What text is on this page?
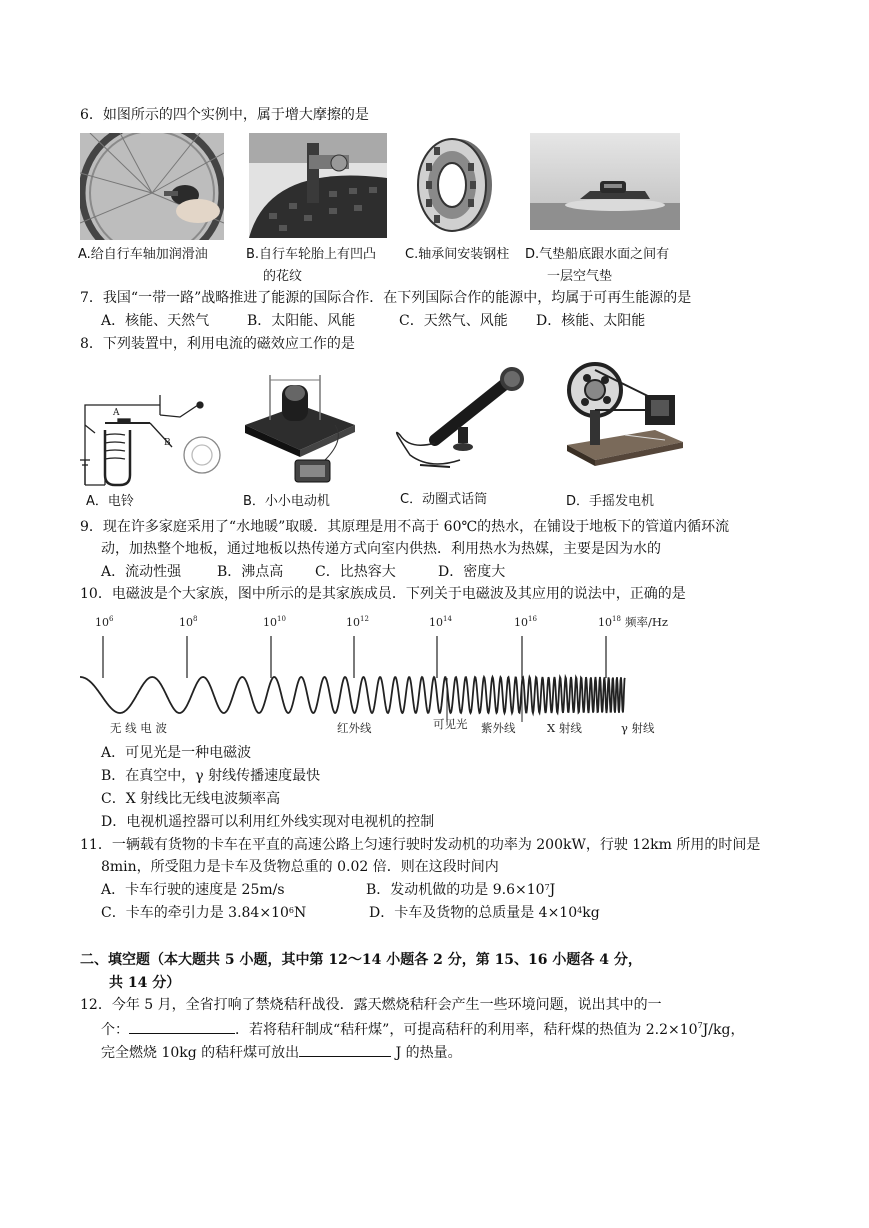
6．如图所示的四个实例中，属于增大摩擦的是
A.给自行车轴加润滑油	B.自行车轮胎上有凹凸
的花纹
C.轴承间安装钢柱 D.气垫船底跟水面之间有
一层空气垫
7．我国“一带一路”战略推进了能源的国际合作．在下列国际合作的能源中，均属于可再生能源的是
A．核能、天然气	B．太阳能、风能	C．天然气、风能 D．核能、太阳能
8．下列装置中，利用电流的磁效应工作的是
A
B
A．电铃	B．小小电动机	C．动圈式话筒	D．手摇发电机
9．现在许多家庭采用了“水地暖”取暖．其原理是用不高于 60℃的热水，在铺设于地板下的管道内循环流
动，加热整个地板，通过地板以热传递方式向室内供热．利用热水为热媒，主要是因为水的
A．流动性强	B．沸点高 C．比热容大	D．密度大
10．电磁波是个大家族，图中所示的是其家族成员．下列关于电磁波及其应用的说法中，正确的是
$10^6$	$10^8$	$10^{10}$	$10^{12}$	$10^{14}$	$10^{16}$	$10^{18}$
无 线 电 波	红外线	可见光 紫外线	X 射线	γ 射线
频率/Hz
A．可见光是一种电磁波
B．在真空中，γ 射线传播速度最快
C．X 射线比无线电波频率高
D．电视机遥控器可以利用红外线实现对电视机的控制
11．一辆载有货物的卡车在平直的高速公路上匀速行驶时发动机的功率为 200kW，行驶 12km 所用的时间是
8min，所受阻力是卡车及货物总重的 0.02 倍．则在这段时间内
A．卡车行驶的速度是 25m/s	B．发动机做的功是 $9.6\times 10^7J$
C．卡车的牵引力是 $3.84\times 10^6N$	D．卡车及货物的总质量是 $4\times 10^4kg$
二、填空题（本大题共 5 小题，其中第 12～14 小题各 2 分，第 15、16 小题各 4 分，
共 14 分）
12．今年 5 月，全省打响了禁烧秸秆战役．露天燃烧秸秆会产生一些环境问题，说出其中的一
个：	．若将秸秆制成“秸秆煤”，可提高秸秆的利用率，秸秆煤的热值为 $2.2\times 10^7J/kg$，
完全燃烧 10kg 的秸秆煤可放出	J 的热量。
